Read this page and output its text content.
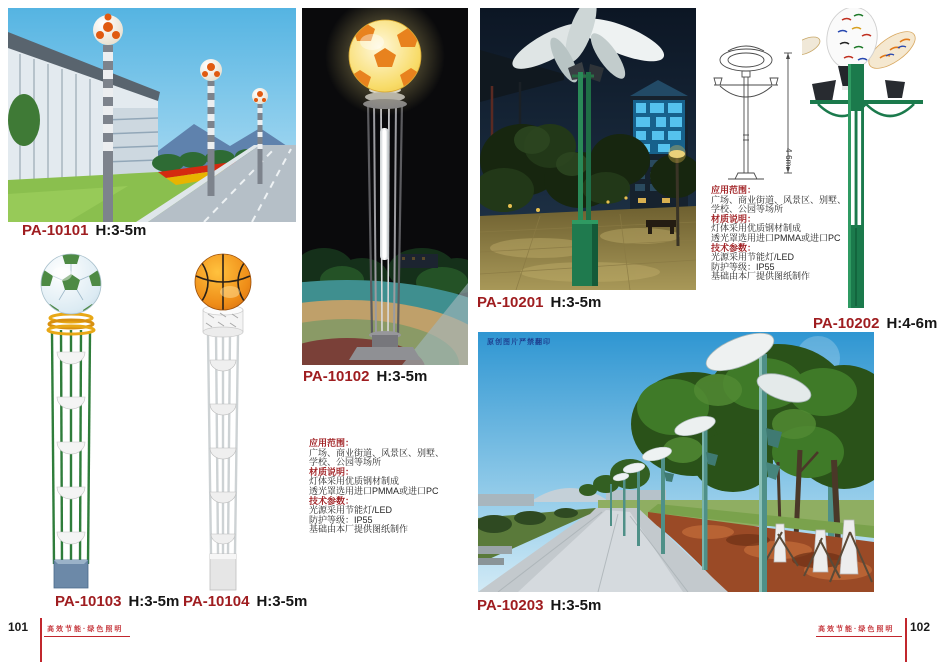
PA-10101 H:3-5m
PA-10103 H:3-5m PA-10104 H:3-5m
PA-10102 H:3-5m
应用范围：
广场、商业街道、风景区、别墅、
学校、公园等场所
材质说明：
灯体采用优质钢材制成
透光罩选用进口PMMA或进口PC
技术参数：
光源采用节能灯/LED
防护等级：IP55
基础由本厂提供图纸制作
PA-10201 H:3-5m
4-6m
应用范围：
广场、商业街道、风景区、别墅、
学校、公园等场所
材质说明：
灯体采用优质钢材制成
透光罩选用进口PMMA或进口PC
技术参数：
光源采用节能灯/LED
防护等级：IP55
基础由本厂提供图纸制作
PA-10202 H:4-6m
原创图片严禁翻印
PA-10203 H:3-5m
101	高效节能·绿色照明	高效节能·绿色照明 102
